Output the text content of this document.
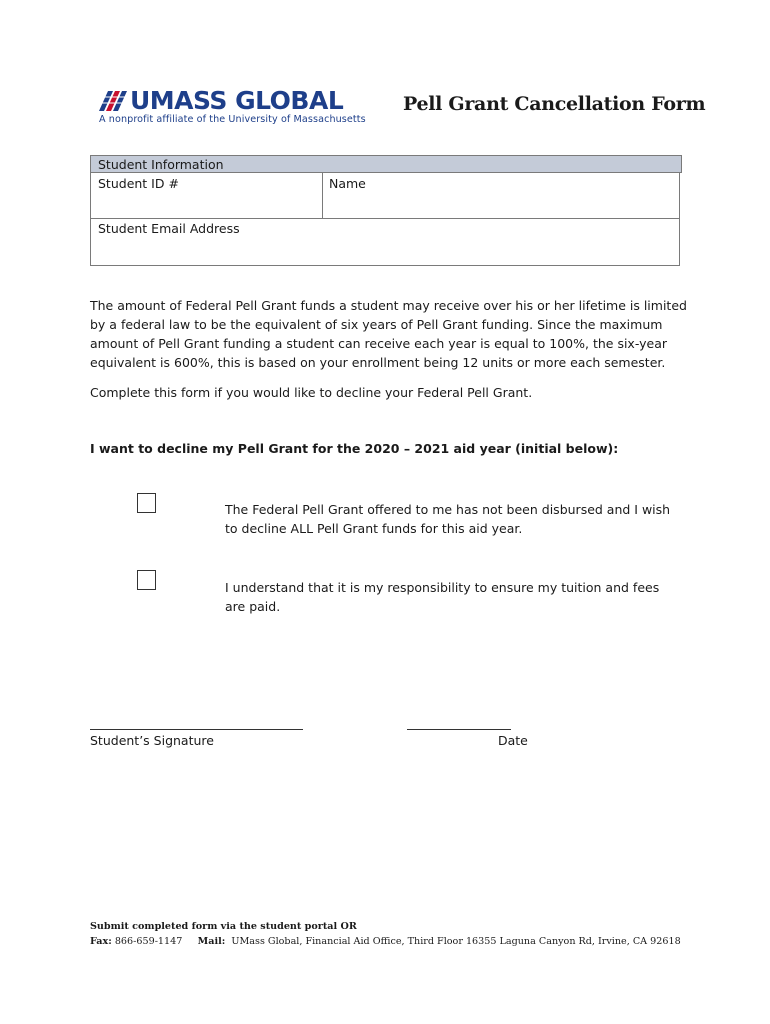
UMASS GLOBAL
A nonprofit affiliate of the University of Massachusetts
Pell Grant Cancellation Form
Student Information
Student ID #	Name
Student Email Address
The amount of Federal Pell Grant funds a student may receive over his or her lifetime is limited by a federal law to be the equivalent of six years of Pell Grant funding. Since the maximum amount of Pell Grant funding a student can receive each year is equal to 100%, the six-year equivalent is 600%, this is based on your enrollment being 12 units or more each semester.
Complete this form if you would like to decline your Federal Pell Grant.
I want to decline my Pell Grant for the 2020 – 2021 aid year (initial below):
The Federal Pell Grant offered to me has not been disbursed and I wish to decline ALL Pell Grant funds for this aid year.
I understand that it is my responsibility to ensure my tuition and fees are paid.
Student’s Signature	Date
Submit completed form via the student portal OR
Fax: 866-659-1147 Mail: UMass Global, Financial Aid Office, Third Floor 16355 Laguna Canyon Rd, Irvine, CA 92618
